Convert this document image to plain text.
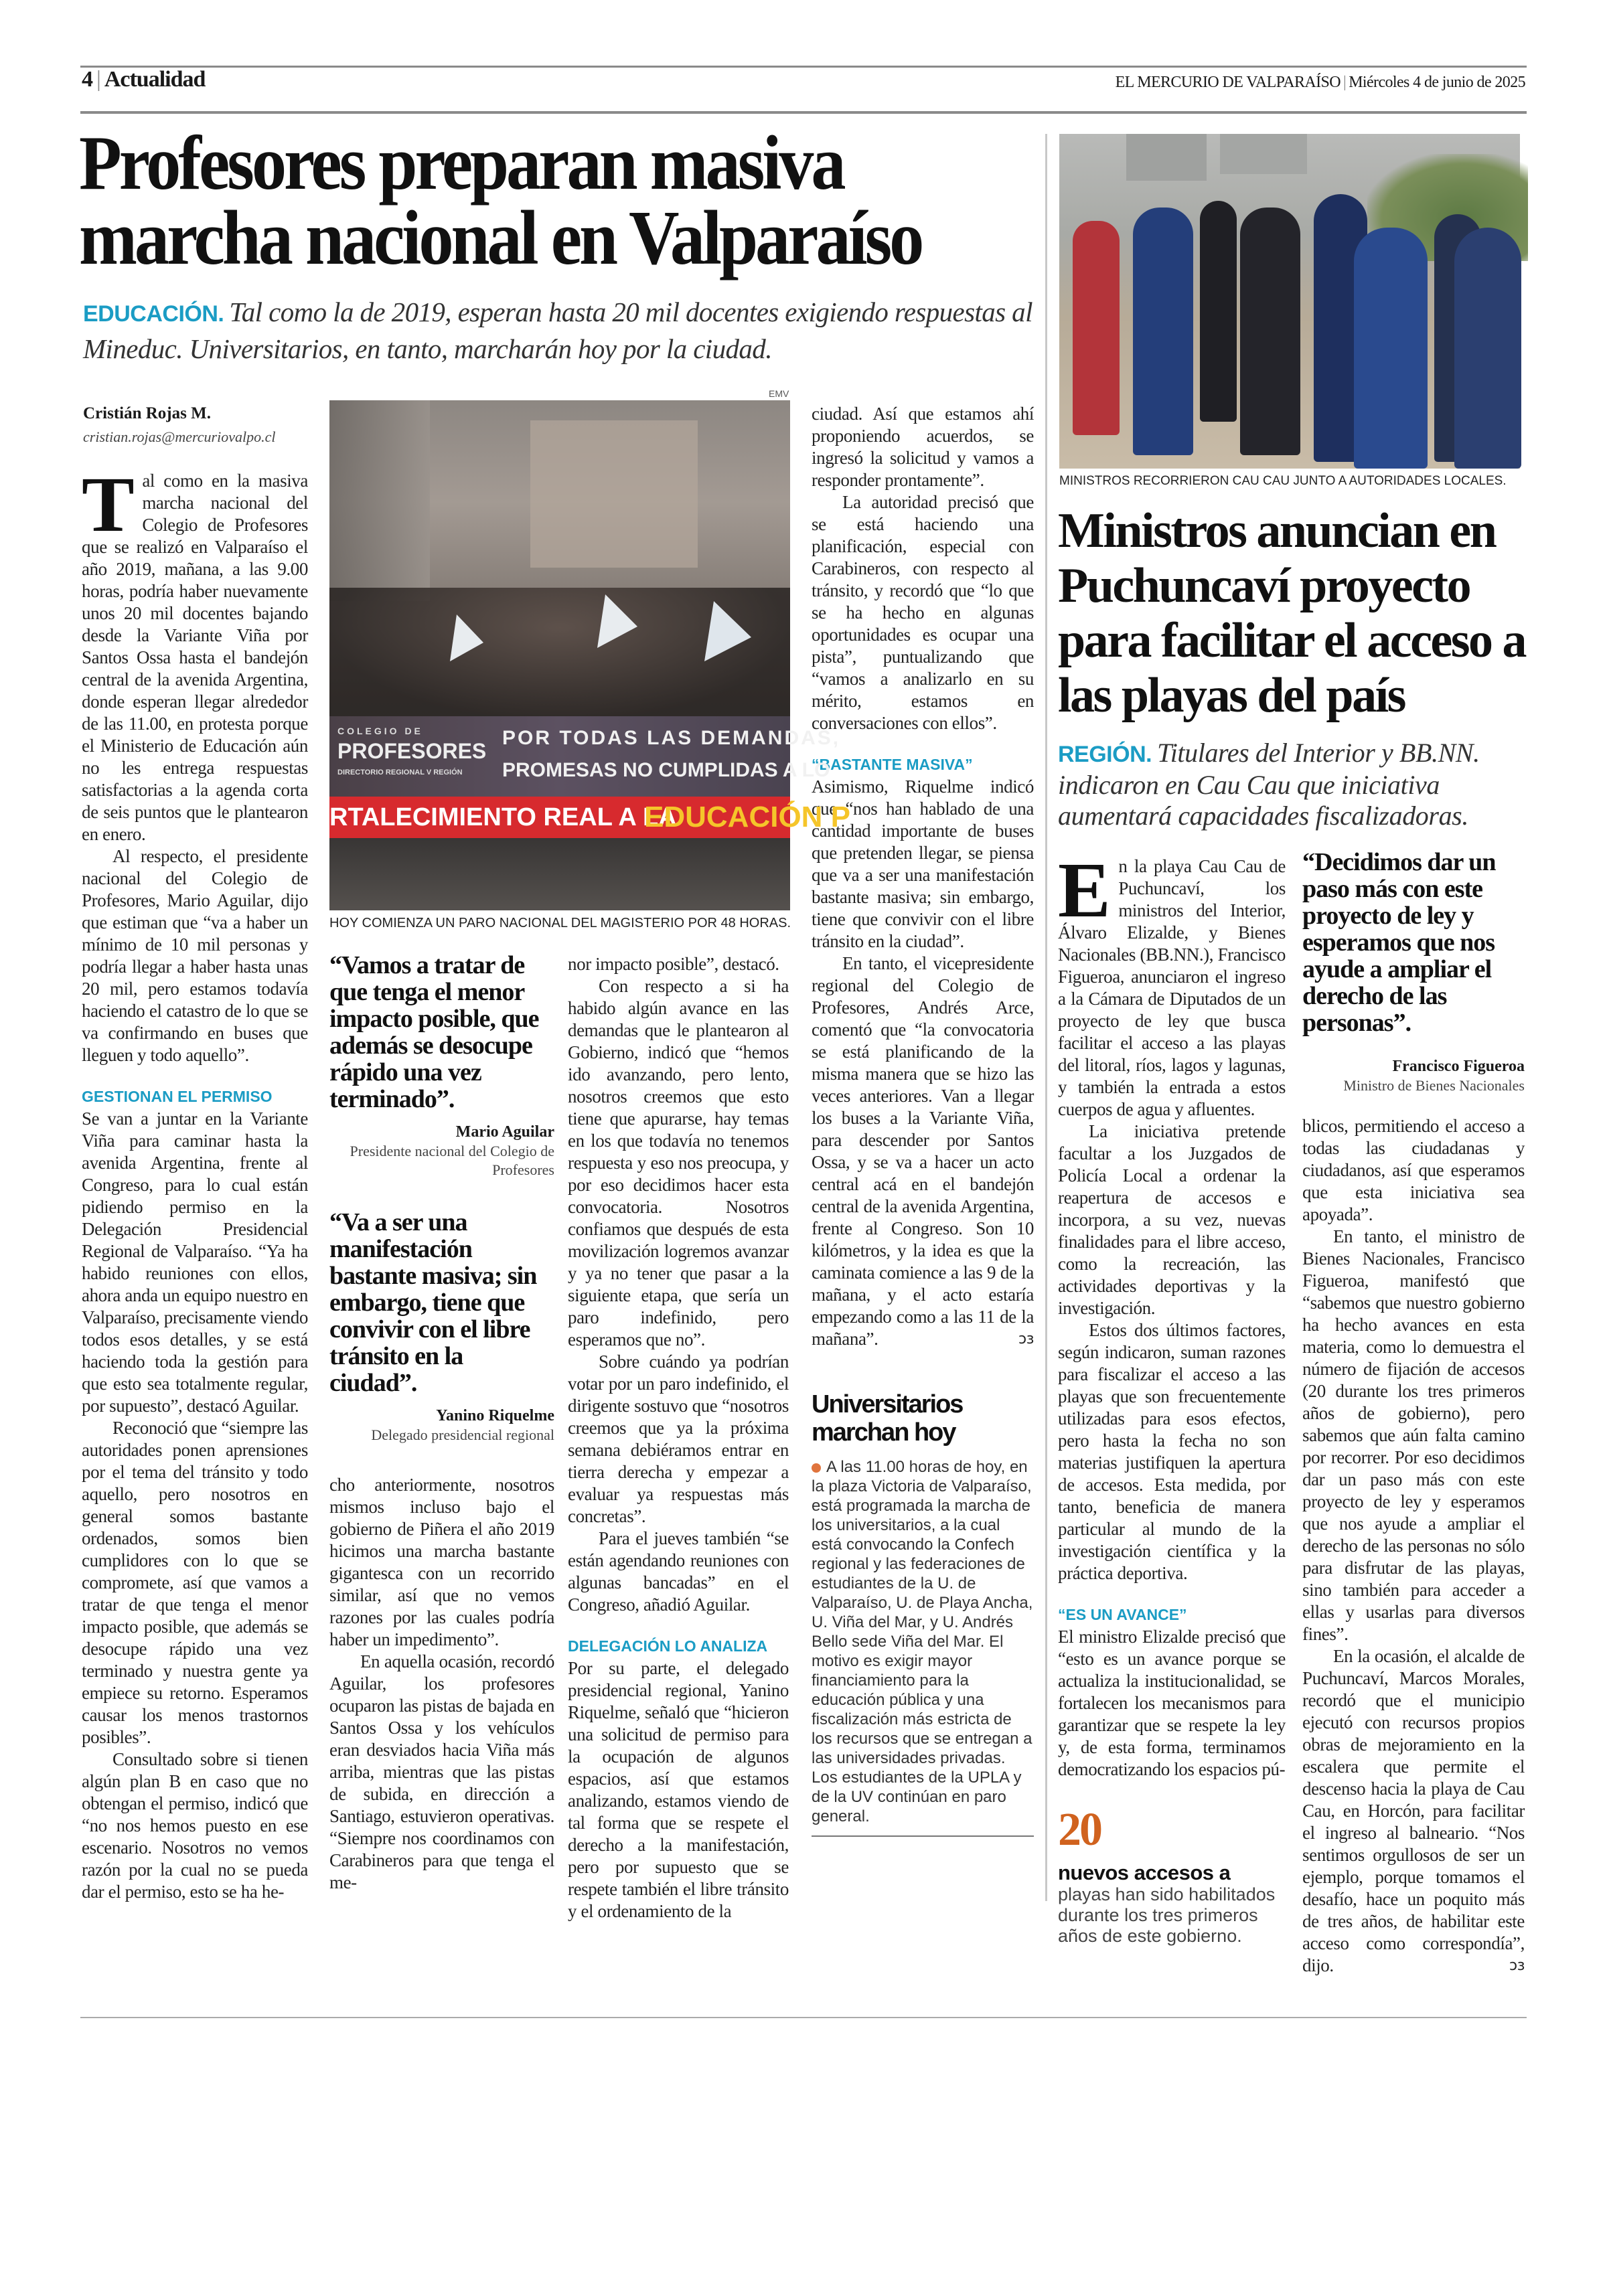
4 | Actualidad	EL MERCURIO DE VALPARAÍSO | Miércoles 4 de junio de 2025
Profesores preparan masiva
marcha nacional en Valparaíso
EDUCACIÓN. Tal como la de 2019, esperan hasta 20 mil docentes exigiendo respuestas al Mineduc. Universitarios, en tanto, marcharán hoy por la ciudad.
Cristián Rojas M.
cristian.rojas@mercuriovalpo.cl

Tal como en la masiva marcha nacional del Colegio de Profesores que se realizó en Valparaíso el año 2019, mañana, a las 9.00 horas, podría haber nuevamente unos 20 mil docentes bajando desde la Variante Viña por Santos Ossa hasta el bandejón central de la avenida Argentina, donde esperan llegar alrededor de las 11.00, en protesta porque el Ministerio de Educación aún no les entrega respuestas satisfactorias a la agenda corta de seis puntos que le plantearon en enero.

Al respecto, el presidente nacional del Colegio de Profesores, Mario Aguilar, dijo que estiman que “va a haber un mínimo de 10 mil personas y podría llegar a haber hasta unas 20 mil, pero estamos todavía haciendo el catastro de lo que se va confirmando en buses que lleguen y todo aquello”.

GESTIONAN EL PERMISO

Se van a juntar en la Variante Viña para caminar hasta la avenida Argentina, frente al Congreso, para lo cual están pidiendo permiso en la Delegación Presidencial Regional de Valparaíso. “Ya ha habido reuniones con ellos, ahora anda un equipo nuestro en Valparaíso, precisamente viendo todos esos detalles, y se está haciendo toda la gestión para que esto sea totalmente regular, por supuesto”, destacó Aguilar.

Reconoció que “siempre las autoridades ponen aprensiones por el tema del tránsito y todo aquello, pero nosotros en general somos bastante ordenados, somos bien cumplidores con lo que se compromete, así que vamos a tratar de que tenga el menor impacto posible, que además se desocupe rápido una vez terminado y nuestra gente ya empiece su retorno. Esperamos causar los menos trastornos posibles”.

Consultado sobre si tienen algún plan B en caso que no obtengan el permiso, indicó que “no nos hemos puesto en ese escenario. Nosotros no vemos razón por la cual no se pueda dar el permiso, esto se ha he-

“Vamos a tratar de que tenga el menor impacto posible, que además se desocupe rápido una vez terminado”.
Mario Aguilar
Presidente nacional del Colegio de Profesores
“Va a ser una manifestación bastante masiva; sin embargo, tiene que convivir con el libre tránsito en la ciudad”.
Yanino Riquelme
Delegado presidencial regional

cho anteriormente, nosotros mismos incluso bajo el gobierno de Piñera el año 2019 hicimos una marcha bastante gigantesca con un recorrido similar, así que no vemos razones por las cuales podría haber un impedimento”.

En aquella ocasión, recordó Aguilar, los profesores ocuparon las pistas de bajada en Santos Ossa y los vehículos eran desviados hacia Viña más arriba, mientras que las pistas de subida, en dirección a Santiago, estuvieron operativas. “Siempre nos coordinamos con Carabineros para que tenga el me-

nor impacto posible”, destacó.

Con respecto a si ha habido algún avance en las demandas que le plantearon al Gobierno, indicó que “hemos ido avanzando, pero lento, nosotros creemos que esto tiene que apurarse, hay temas en los que todavía no tenemos respuesta y eso nos preocupa, y por eso decidimos hacer esta convocatoria. Nosotros confiamos que después de esta movilización logremos avanzar y ya no tener que pasar a la siguiente etapa, que sería un paro indefinido, pero esperamos que no”.

Sobre cuándo ya podrían votar por un paro indefinido, el dirigente sostuvo que “nosotros creemos que ya la próxima semana debiéramos entrar en tierra derecha y empezar a evaluar ya respuestas más concretas”.

Para el jueves también “se están agendando reuniones con algunas bancadas” en el Congreso, añadió Aguilar.

DELEGACIÓN LO ANALIZA

Por su parte, el delegado presidencial regional, Yanino Riquelme, señaló que “hicieron una solicitud de permiso para la ocupación de algunos espacios, así que estamos analizando, estamos viendo de tal forma que se respete el derecho a la manifestación, pero por supuesto que se respete también el libre tránsito y el ordenamiento de la

ciudad. Así que estamos ahí proponiendo acuerdos, se ingresó la solicitud y vamos a responder prontamente”.

La autoridad precisó que se está haciendo una planificación, especial con Carabineros, con respecto al tránsito, y recordó que “lo que se ha hecho en algunas oportunidades es ocupar una pista”, puntualizando que “vamos a analizarlo en su mérito, estamos en conversaciones con ellos”.

“BASTANTE MASIVA”

Asimismo, Riquelme indicó que “nos han hablado de una cantidad importante de buses que pretenden llegar, se piensa que va a ser una manifestación bastante masiva; sin embargo, tiene que convivir con el libre tránsito en la ciudad”.

En tanto, el vicepresidente regional del Colegio de Profesores, Andrés Arce, comentó que “la convocatoria se está planificando de la misma manera que se hizo las veces anteriores. Van a llegar los buses a la Variante Viña, para descender por Santos Ossa, y se va a hacer un acto central acá en el bandejón central de la avenida Argentina, frente al Congreso. Son 10 kilómetros, y la idea es que la caminata comience a las 9 de la mañana, y el acto estaría empezando como a las 11 de la mañana”.	ↄɜ

Universitarios
marchan hoy
A las 11.00 horas de hoy, en la plaza Victoria de Valparaíso, está programada la marcha de los universitarios, a la cual está convocando la Confech regional y las federaciones de estudiantes de la U. de Valparaíso, U. de Playa Ancha, U. Viña del Mar, y U. Andrés Bello sede Viña del Mar. El motivo es exigir mayor financiamiento para la educación pública y una fiscalización más estricta de los recursos que se entregan a las universidades privadas. Los estudiantes de la UPLA y de la UV continúan en paro general.
EMV
COLEGIO DE
PROFESORES
DIRECTORIO REGIONAL V REGIÓN
POR TODAS LAS DEMANDAS,
PROMESAS NO CUMPLIDAS A LO
RTALECIMIENTO REAL A LA
EDUCACIÓN P
HOY COMIENZA UN PARO NACIONAL DEL MAGISTERIO POR 48 HORAS.
MINISTROS RECORRIERON CAU CAU JUNTO A AUTORIDADES LOCALES.
Ministros anuncian en Puchuncaví proyecto para facilitar el acceso a las playas del país
REGIÓN. Titulares del Interior y BB.NN. indicaron en Cau Cau que iniciativa aumentará capacidades fiscalizadoras.

En la playa Cau Cau de Puchuncaví, los ministros del Interior, Álvaro Elizalde, y Bienes Nacionales (BB.NN.), Francisco Figueroa, anunciaron el ingreso a la Cámara de Diputados de un proyecto de ley que busca facilitar el acceso a las playas del litoral, ríos, lagos y lagunas, y también la entrada a estos cuerpos de agua y afluentes.

La iniciativa pretende facultar a los Juzgados de Policía Local a ordenar la reapertura de accesos e incorpora, a su vez, nuevas finalidades para el libre acceso, como la recreación, las actividades deportivas y la investigación.

Estos dos últimos factores, según indicaron, suman razones para fiscalizar el acceso a las playas que son frecuentemente utilizadas para esos efectos, pero hasta la fecha no son materias justifiquen la apertura de accesos. Esta medida, por tanto, beneficia de manera particular al mundo de la investigación científica y la práctica deportiva.

“ES UN AVANCE”

El ministro Elizalde precisó que “esto es un avance porque se actualiza la institucionalidad, se fortalecen los mecanismos para garantizar que se respete la ley y, de esta forma, terminamos democratizando los espacios pú-

20
nuevos accesos a playas han sido habilitados durante los tres primeros años de este gobierno.
“Decidimos dar un paso más con este proyecto de ley y esperamos que nos ayude a ampliar el derecho de las personas”.
Francisco Figueroa
Ministro de Bienes Nacionales

blicos, permitiendo el acceso a todas las ciudadanas y ciudadanos, así que esperamos que esta iniciativa sea apoyada”.

En tanto, el ministro de Bienes Nacionales, Francisco Figueroa, manifestó que “sabemos que nuestro gobierno ha hecho avances en esta materia, como lo demuestra el número de fijación de accesos (20 durante los tres primeros años de gobierno), pero sabemos que aún falta camino por recorrer. Por eso decidimos dar un paso más con este proyecto de ley y esperamos que nos ayude a ampliar el derecho de las personas no sólo para disfrutar de las playas, sino también para acceder a ellas y usarlas para diversos fines”.

En la ocasión, el alcalde de Puchuncaví, Marcos Morales, recordó que el municipio ejecutó con recursos propios obras de mejoramiento en la escalera que permite el descenso hacia la playa de Cau Cau, en Horcón, para facilitar el ingreso al balneario. “Nos sentimos orgullosos de ser un ejemplo, porque tomamos el desafío, hace un poquito más de tres años, de habilitar este acceso como correspondía”, dijo.	ↄɜ
